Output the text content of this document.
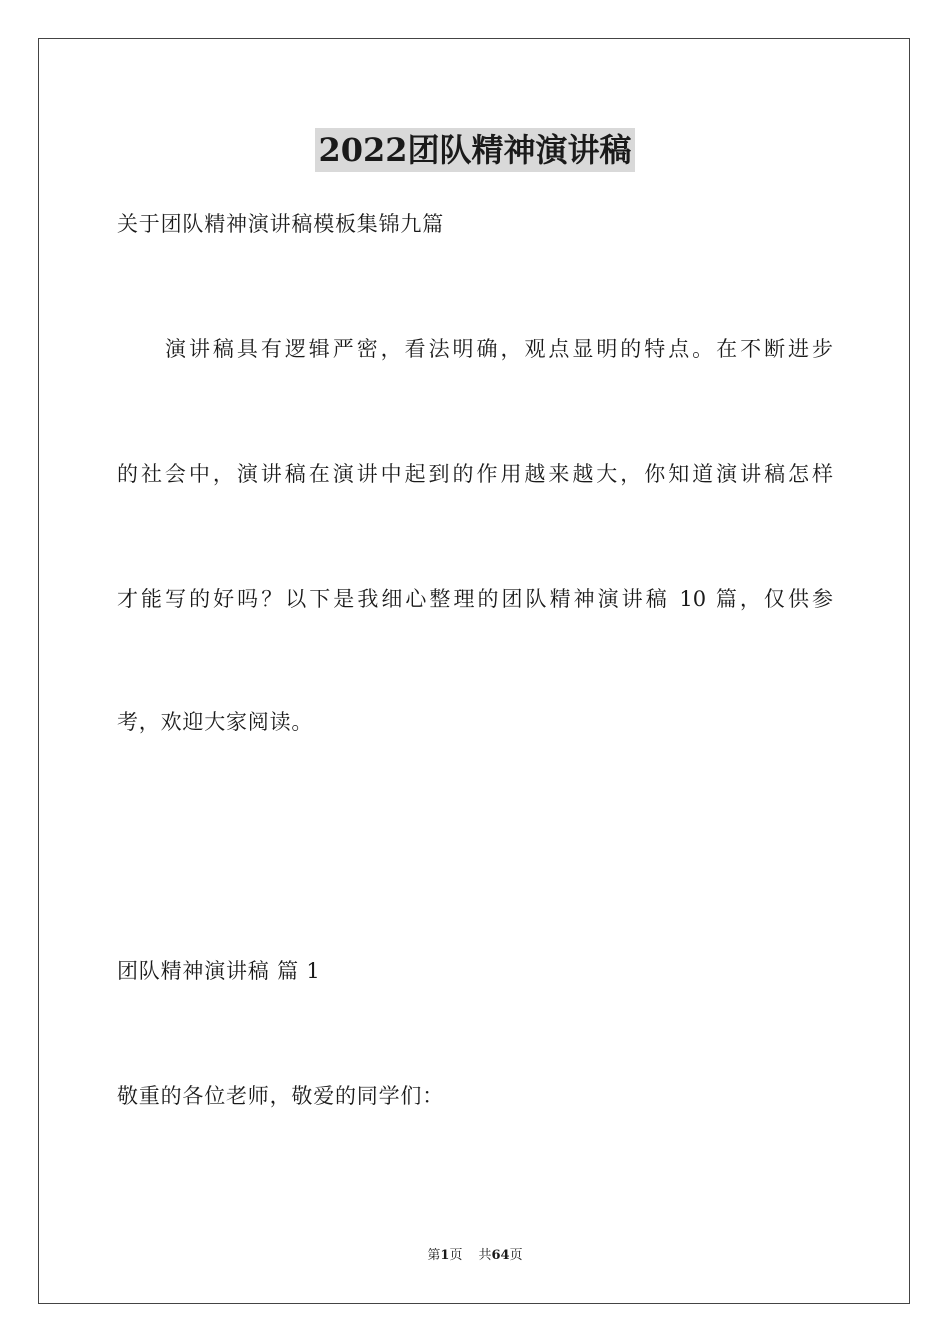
2022团队精神演讲稿
关于团队精神演讲稿模板集锦九篇
演讲稿具有逻辑严密，看法明确，观点显明的特点。在不断进步
的社会中，演讲稿在演讲中起到的作用越来越大，你知道演讲稿怎样
才能写的好吗？以下是我细心整理的团队精神演讲稿 10 篇，仅供参
考，欢迎大家阅读。
团队精神演讲稿 篇 1
敬重的各位老师，敬爱的同学们：
第1页 共64页
